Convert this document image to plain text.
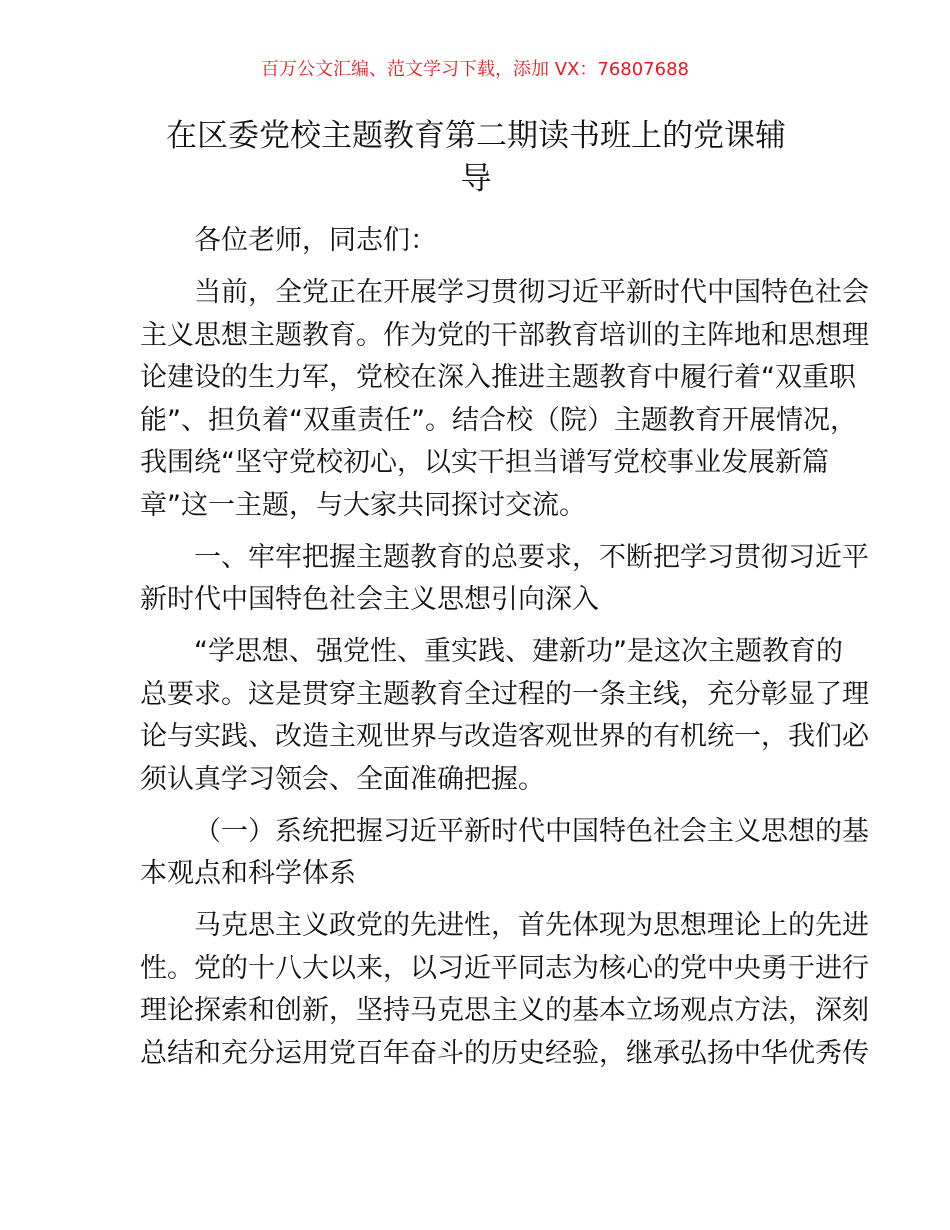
百万公文汇编、范文学习下载，添加 VX：76807688
在区委党校主题教育第二期读书班上的党课辅
导
各位老师，同志们：
当前，全党正在开展学习贯彻习近平新时代中国特色社会
主义思想主题教育。作为党的干部教育培训的主阵地和思想理
论建设的生力军，党校在深入推进主题教育中履行着“双重职
能”、担负着“双重责任”。结合校（院）主题教育开展情况，
我围绕“坚守党校初心，以实干担当谱写党校事业发展新篇
章”这一主题，与大家共同探讨交流。
一、牢牢把握主题教育的总要求，不断把学习贯彻习近平
新时代中国特色社会主义思想引向深入
“学思想、强党性、重实践、建新功”是这次主题教育的
总要求。这是贯穿主题教育全过程的一条主线，充分彰显了理
论与实践、改造主观世界与改造客观世界的有机统一，我们必
须认真学习领会、全面准确把握。
（一）系统把握习近平新时代中国特色社会主义思想的基
本观点和科学体系
马克思主义政党的先进性，首先体现为思想理论上的先进
性。党的十八大以来，以习近平同志为核心的党中央勇于进行
理论探索和创新，坚持马克思主义的基本立场观点方法，深刻
总结和充分运用党百年奋斗的历史经验，继承弘扬中华优秀传
